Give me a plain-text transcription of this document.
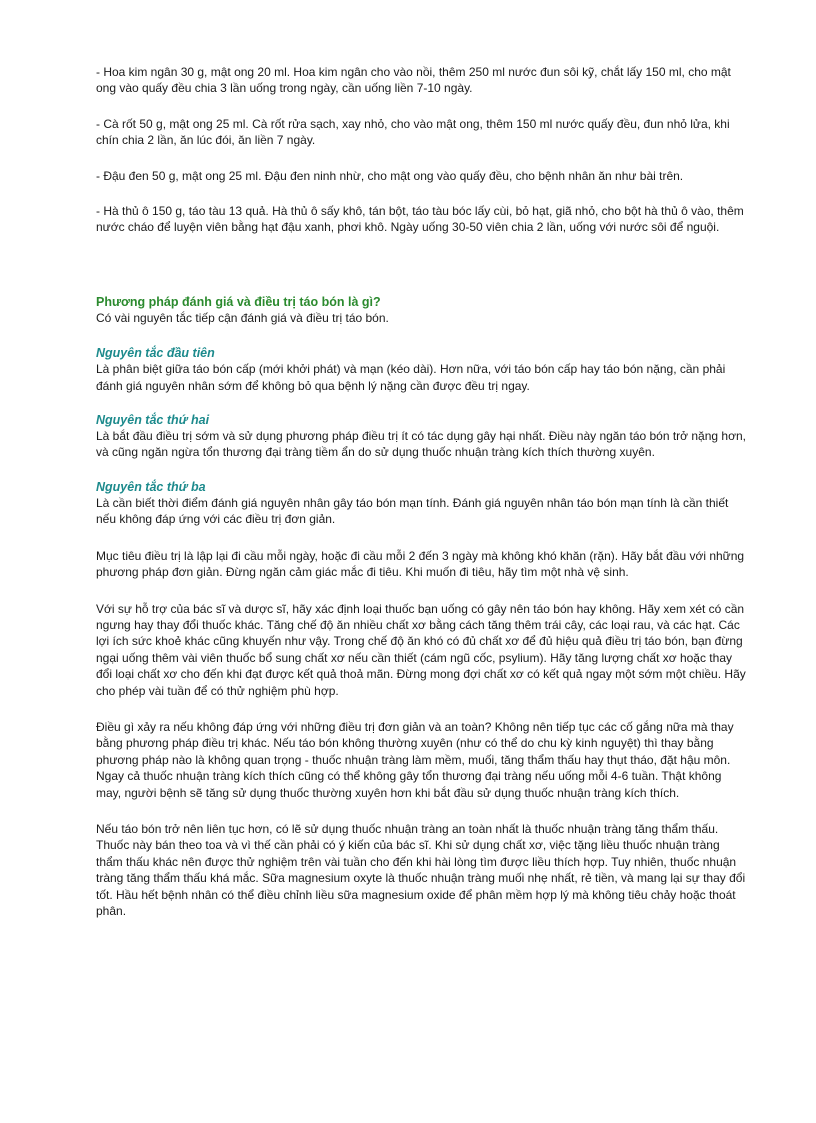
- Hoa kim ngân 30 g, mật ong 20 ml. Hoa kim ngân cho vào nồi, thêm 250 ml nước đun sôi kỹ, chắt lấy 150 ml, cho mật ong vào quấy đều chia 3 lần uống trong ngày, cần uống liền 7-10 ngày.

- Cà rốt 50 g, mật ong 25 ml. Cà rốt rửa sạch, xay nhỏ, cho vào mật ong, thêm 150 ml nước quấy đều, đun nhỏ lửa, khi chín chia 2 lần, ăn lúc đói, ăn liền 7 ngày.

- Đậu đen 50 g, mật ong 25 ml. Đậu đen ninh nhừ, cho mật ong vào quấy đều, cho bệnh nhân ăn như bài trên.

- Hà thủ ô 150 g, táo tàu 13 quả. Hà thủ ô sấy khô, tán bột, táo tàu bóc lấy cùi, bỏ hạt, giã nhỏ, cho bột hà thủ ô vào, thêm nước cháo để luyện viên bằng hạt đậu xanh, phơi khô. Ngày uống 30-50 viên chia 2 lần, uống với nước sôi để nguội.

Phương pháp đánh giá và điều trị táo bón là gì?

Có vài nguyên tắc tiếp cận đánh giá và điều trị táo bón.

Nguyên tắc đầu tiên

Là phân biệt giữa táo bón cấp (mới khởi phát) và mạn (kéo dài). Hơn nữa, với táo bón cấp hay táo bón nặng, cần phải đánh giá nguyên nhân sớm để không bỏ qua bệnh lý nặng cần được đều trị ngay.

Nguyên tắc thứ hai

Là bắt đầu điều trị sớm và sử dụng phương pháp điều trị ít có tác dụng gây hại nhất. Điều này ngăn táo bón trở nặng hơn, và cũng ngăn ngừa tổn thương đại tràng tiềm ẩn do sử dụng thuốc nhuận tràng kích thích thường xuyên.

Nguyên tắc thứ ba

Là cần biết thời điểm đánh giá nguyên nhân gây táo bón mạn tính. Đánh giá nguyên nhân táo bón mạn tính là cần thiết nếu không đáp ứng với các điều trị đơn giản.

Mục tiêu điều trị là lập lại đi cầu mỗi ngày, hoặc đi cầu mỗi 2 đến 3 ngày mà không khó khăn (rặn). Hãy bắt đầu với những phương pháp đơn giản. Đừng ngăn cảm giác mắc đi tiêu. Khi muốn đi tiêu, hãy tìm một nhà vệ sinh.

Với sự hỗ trợ của bác sĩ và dược sĩ, hãy xác định loại thuốc bạn uống có gây nên táo bón hay không. Hãy xem xét có cần ngưng hay thay đổi thuốc khác. Tăng chế độ ăn nhiều chất xơ bằng cách tăng thêm trái cây, các loại rau, và các hạt. Các lợi ích sức khoẻ khác cũng khuyến như vậy. Trong chế độ ăn khó có đủ chất xơ để đủ hiệu quả điều trị táo bón, bạn đừng ngại uống thêm vài viên thuốc bổ sung chất xơ nếu cần thiết (cám ngũ cốc, psylium). Hãy tăng lượng chất xơ hoặc thay đổi loại chất xơ cho đến khi đạt được kết quả thoả mãn. Đừng mong đợi chất xơ có kết quả ngay một sớm một chiều. Hãy cho phép vài tuần để có thử nghiệm phù hợp.

Điều gì xảy ra nếu không đáp ứng với những điều trị đơn giản và an toàn? Không nên tiếp tục các cố gắng nữa mà thay bằng phương pháp điều trị khác. Nếu táo bón không thường xuyên (như có thể do chu kỳ kinh nguyệt) thì thay bằng phương pháp nào là không quan trọng - thuốc nhuận tràng làm mềm, muối, tăng thẩm thấu hay thụt tháo, đặt hậu môn. Ngay cả thuốc nhuận tràng kích thích cũng có thể không gây tổn thương đại tràng nếu uống mỗi 4-6 tuần. Thật không may, người bệnh sẽ tăng sử dụng thuốc thường xuyên hơn khi bắt đầu sử dụng thuốc nhuận tràng kích thích.

Nếu táo bón trở nên liên tục hơn, có lẽ sử dụng thuốc nhuận tràng an toàn nhất là thuốc nhuận tràng tăng thẩm thấu. Thuốc này bán theo toa và vì thế cần phải có ý kiến của bác sĩ. Khi sử dụng chất xơ, việc tặng liều thuốc nhuận tràng thẩm thấu khác nên được thử nghiệm trên vài tuần cho đến khi hài lòng tìm được liều thích hợp. Tuy nhiên, thuốc nhuận tràng tăng thẩm thấu khá mắc. Sữa magnesium oxyte là thuốc nhuận tràng muối nhẹ nhất, rẻ tiền, và mang lại sự thay đổi tốt. Hầu hết bệnh nhân có thể điều chỉnh liều sữa magnesium oxide để phân mềm hợp lý mà không tiêu chảy hoặc thoát phân.
